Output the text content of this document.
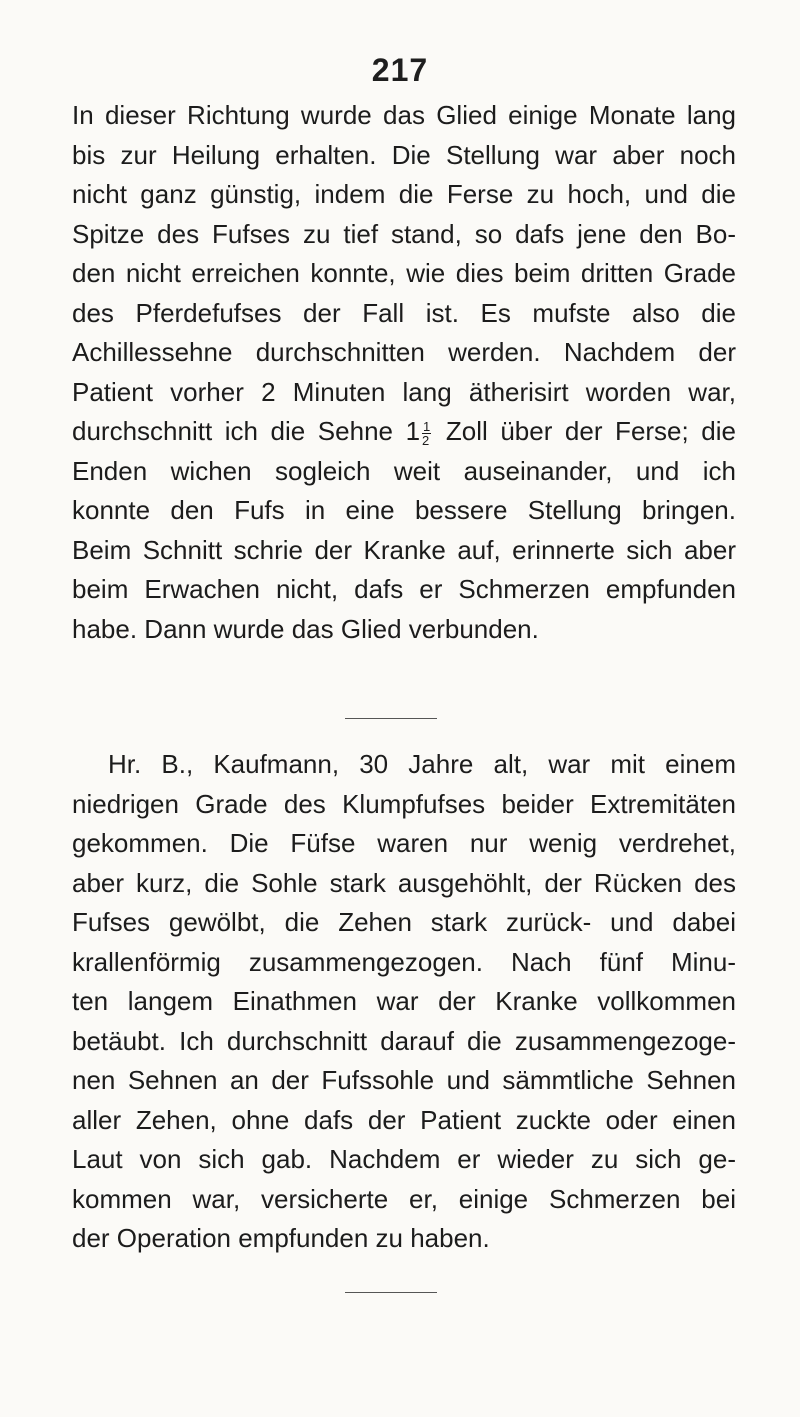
217
In dieser Richtung wurde das Glied einige Monate lang
bis zur Heilung erhalten. Die Stellung war aber noch
nicht ganz günstig, indem die Ferse zu hoch, und die
Spitze des Fufses zu tief stand, so dafs jene den Bo-
den nicht erreichen konnte, wie dies beim dritten Grade
des Pferdefufses der Fall ist. Es mufste also die
Achillessehne durchschnitten werden. Nachdem der
Patient vorher 2 Minuten lang ätherisirt worden war,
durchschnitt ich die Sehne $1 \frac{1}{2}$ Zoll über der Ferse; die
Enden wichen sogleich weit auseinander, und ich
konnte den Fufs in eine bessere Stellung bringen.
Beim Schnitt schrie der Kranke auf, erinnerte sich aber
beim Erwachen nicht, dafs er Schmerzen empfunden
habe. Dann wurde das Glied verbunden.
Hr. B., Kaufmann, 30 Jahre alt, war mit einem
niedrigen Grade des Klumpfufses beider Extremitäten
gekommen. Die Füfse waren nur wenig verdrehet,
aber kurz, die Sohle stark ausgehöhlt, der Rücken des
Fufses gewölbt, die Zehen stark zurück- und dabei
krallenförmig zusammengezogen. Nach fünf Minu-
ten langem Einathmen war der Kranke vollkommen
betäubt. Ich durchschnitt darauf die zusammengezoge-
nen Sehnen an der Fufssohle und sämmtliche Sehnen
aller Zehen, ohne dafs der Patient zuckte oder einen
Laut von sich gab. Nachdem er wieder zu sich ge-
kommen war, versicherte er, einige Schmerzen bei
der Operation empfunden zu haben.
